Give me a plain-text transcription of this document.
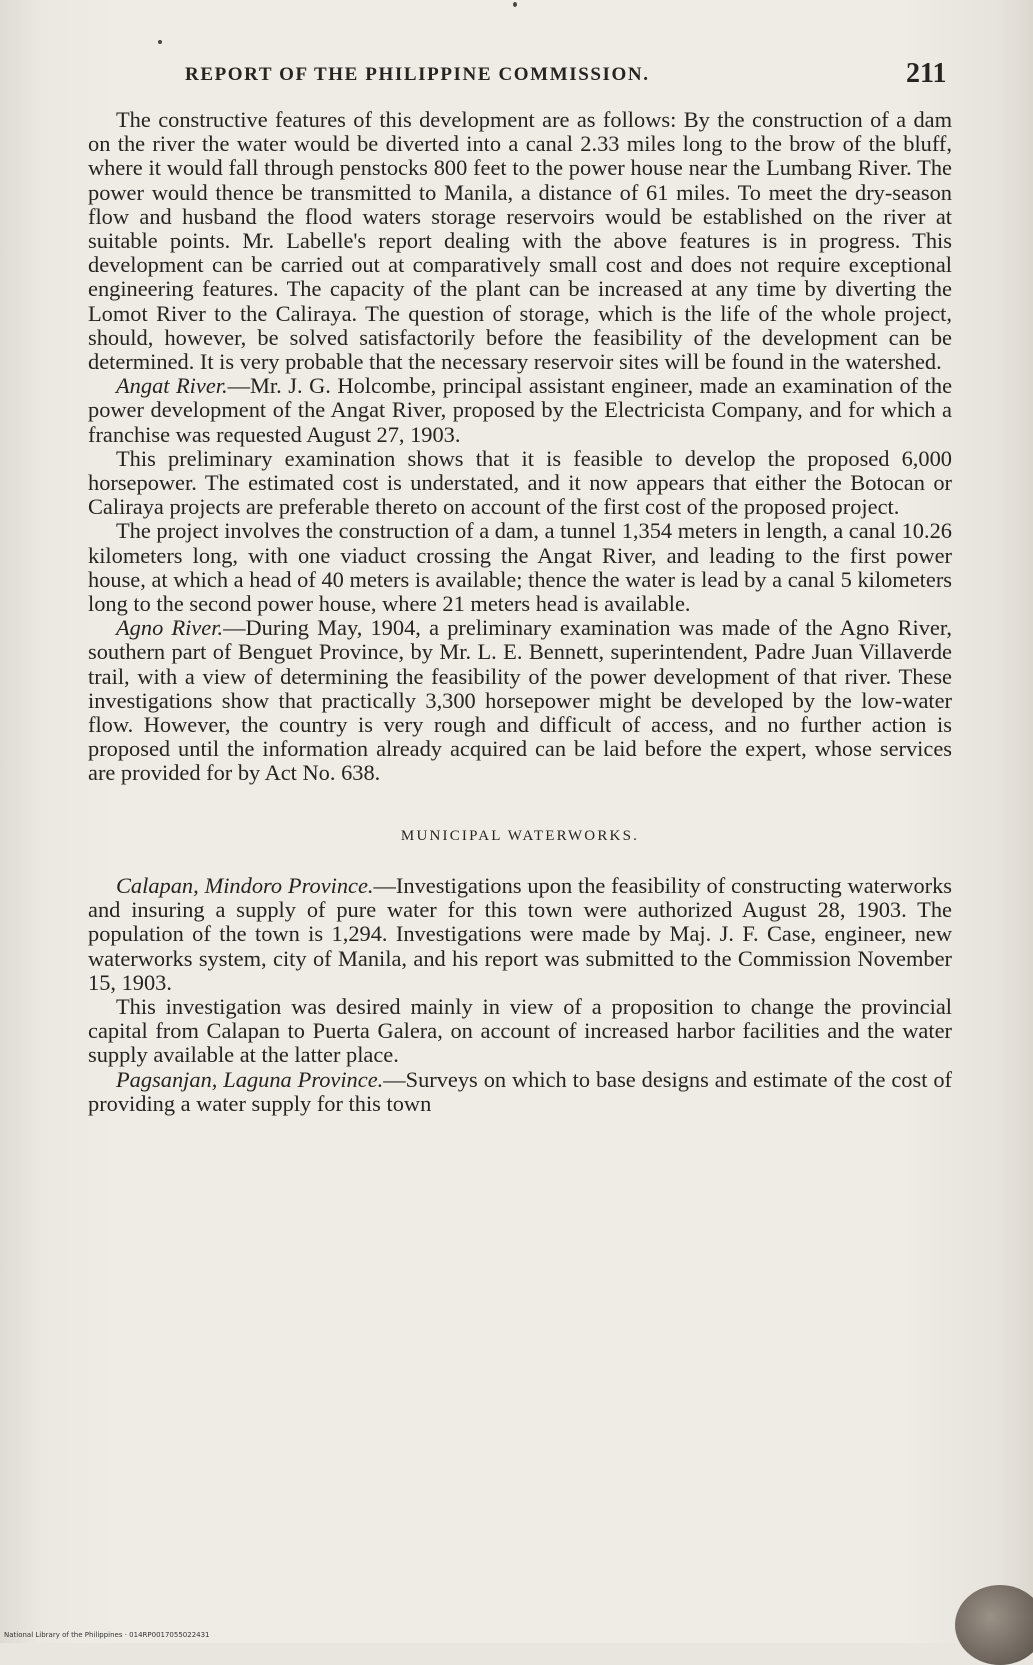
REPORT OF THE PHILIPPINE COMMISSION.	211

The constructive features of this development are as follows: By the construction of a dam on the river the water would be diverted into a canal 2.33 miles long to the brow of the bluff, where it would fall through penstocks 800 feet to the power house near the Lumbang River. The power would thence be transmitted to Manila, a distance of 61 miles. To meet the dry-season flow and husband the flood waters storage reservoirs would be established on the river at suitable points. Mr. Labelle's report dealing with the above features is in progress. This development can be carried out at comparatively small cost and does not require exceptional engineering features. The capacity of the plant can be increased at any time by diverting the Lomot River to the Caliraya. The question of storage, which is the life of the whole project, should, however, be solved satisfactorily before the feasibility of the development can be determined. It is very probable that the necessary reservoir sites will be found in the watershed.

Angat River.—Mr. J. G. Holcombe, principal assistant engineer, made an examination of the power development of the Angat River, proposed by the Electricista Company, and for which a franchise was requested August 27, 1903.

This preliminary examination shows that it is feasible to develop the proposed 6,000 horsepower. The estimated cost is understated, and it now appears that either the Botocan or Caliraya projects are preferable thereto on account of the first cost of the proposed project.

The project involves the construction of a dam, a tunnel 1,354 meters in length, a canal 10.26 kilometers long, with one viaduct crossing the Angat River, and leading to the first power house, at which a head of 40 meters is available; thence the water is lead by a canal 5 kilometers long to the second power house, where 21 meters head is available.

Agno River.—During May, 1904, a preliminary examination was made of the Agno River, southern part of Benguet Province, by Mr. L. E. Bennett, superintendent, Padre Juan Villaverde trail, with a view of determining the feasibility of the power development of that river. These investigations show that practically 3,300 horsepower might be developed by the low-water flow. However, the country is very rough and difficult of access, and no further action is proposed until the information already acquired can be laid before the expert, whose services are provided for by Act No. 638.

MUNICIPAL WATERWORKS.

Calapan, Mindoro Province.—Investigations upon the feasibility of constructing waterworks and insuring a supply of pure water for this town were authorized August 28, 1903. The population of the town is 1,294. Investigations were made by Maj. J. F. Case, engineer, new waterworks system, city of Manila, and his report was submitted to the Commission November 15, 1903.

This investigation was desired mainly in view of a proposition to change the provincial capital from Calapan to Puerta Galera, on account of increased harbor facilities and the water supply available at the latter place.

Pagsanjan, Laguna Province.—Surveys on which to base designs and estimate of the cost of providing a water supply for this town

National Library of the Philippines · 014RP0017055022431
